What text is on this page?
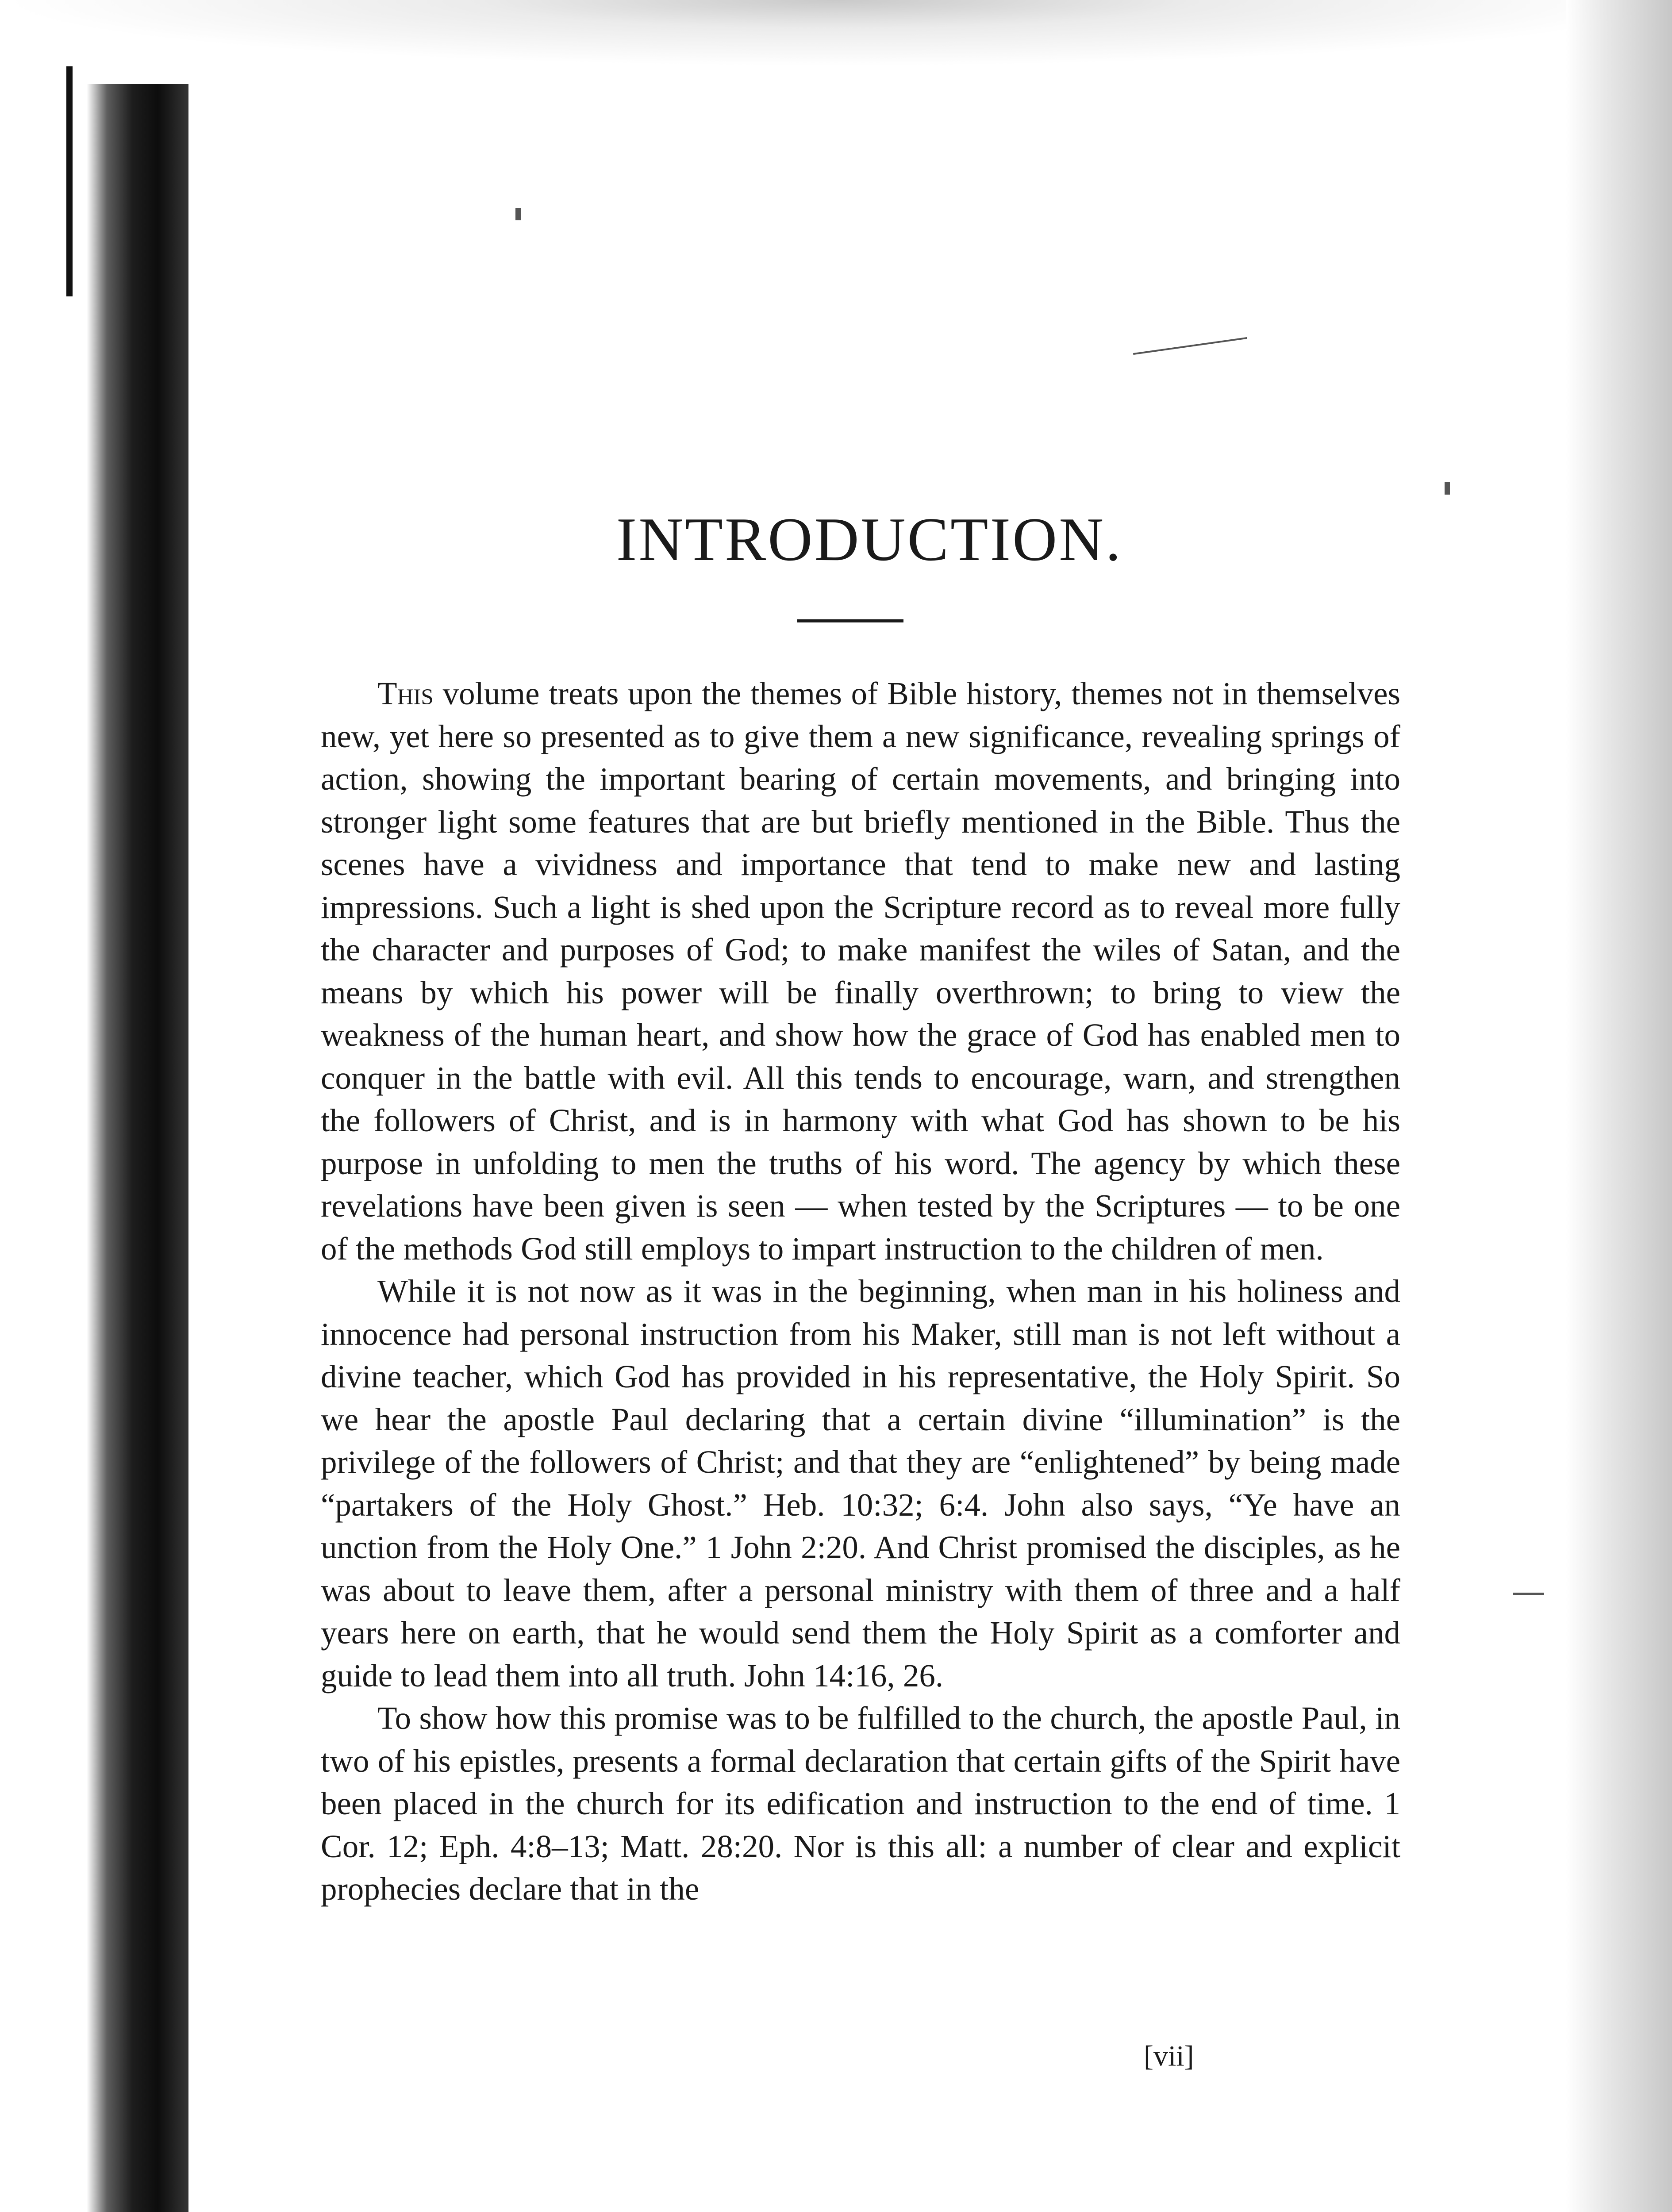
INTRODUCTION.

This volume treats upon the themes of Bible history, themes not in themselves new, yet here so presented as to give them a new significance, revealing springs of action, showing the important bearing of certain movements, and bringing into stronger light some features that are but briefly mentioned in the Bible. Thus the scenes have a vividness and importance that tend to make new and lasting impressions. Such a light is shed upon the Scripture record as to reveal more fully the character and purposes of God; to make manifest the wiles of Satan, and the means by which his power will be finally overthrown; to bring to view the weakness of the human heart, and show how the grace of God has enabled men to conquer in the battle with evil. All this tends to encourage, warn, and strengthen the followers of Christ, and is in harmony with what God has shown to be his purpose in unfolding to men the truths of his word. The agency by which these revelations have been given is seen — when tested by the Scriptures — to be one of the methods God still employs to impart instruction to the children of men.

While it is not now as it was in the beginning, when man in his holiness and innocence had personal instruction from his Maker, still man is not left without a divine teacher, which God has provided in his representative, the Holy Spirit. So we hear the apostle Paul declaring that a certain divine “illumination” is the privilege of the followers of Christ; and that they are “enlightened” by being made “partakers of the Holy Ghost.” Heb. 10:32; 6:4. John also says, “Ye have an unction from the Holy One.” 1 John 2:20. And Christ promised the disciples, as he was about to leave them, after a personal ministry with them of three and a half years here on earth, that he would send them the Holy Spirit as a comforter and guide to lead them into all truth. John 14:16, 26.

To show how this promise was to be fulfilled to the church, the apostle Paul, in two of his epistles, presents a formal declaration that certain gifts of the Spirit have been placed in the church for its edification and instruction to the end of time. 1 Cor. 12; Eph. 4:8–13; Matt. 28:20. Nor is this all: a number of clear and explicit prophecies declare that in the

[vii]
